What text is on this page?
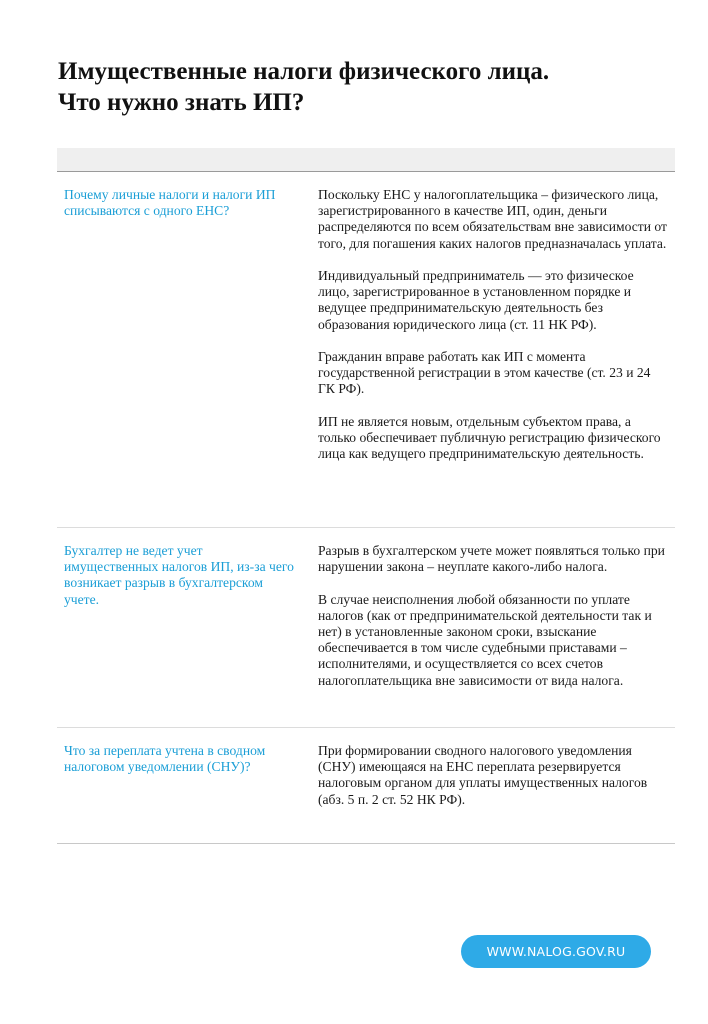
Имущественные налоги физического лица.
Что нужно знать ИП?
Почему личные налоги и налоги ИП списываются с одного ЕНС?

Поскольку ЕНС у налогоплательщика – физического лица, зарегистрированного в качестве ИП, один, деньги распределяются по всем обязательствам вне зависимости от того, для погашения каких налогов предназначалась уплата.

Индивидуальный предприниматель — это физическое лицо, зарегистрированное в установленном порядке и ведущее предпринимательскую деятельность без образования юридического лица (ст. 11 НК РФ).

Гражданин вправе работать как ИП с момента государственной регистрации в этом качестве (ст. 23 и 24 ГК РФ).

ИП не является новым, отдельным субъектом права, а только обеспечивает публичную регистрацию физического лица как ведущего предпринимательскую деятельность.

Бухгалтер не ведет учет имущественных налогов ИП, из-за чего возникает разрыв в бухгалтерском учете.

Разрыв в бухгалтерском учете может появляться только при нарушении закона – неуплате какого-либо налога.

В случае неисполнения любой обязанности по уплате налогов (как от предпринимательской деятельности так и нет) в установленные законом сроки, взыскание обеспечивается в том числе судебными приставами – исполнителями, и осуществляется со всех счетов налогоплательщика вне зависимости от вида налога.

Что за переплата учтена в сводном налоговом уведомлении (СНУ)?

При формировании сводного налогового уведомления (СНУ) имеющаяся на ЕНС переплата резервируется налоговым органом для уплаты имущественных налогов (абз. 5 п. 2 ст. 52 НК РФ).

WWW.NALOG.GOV.RU
